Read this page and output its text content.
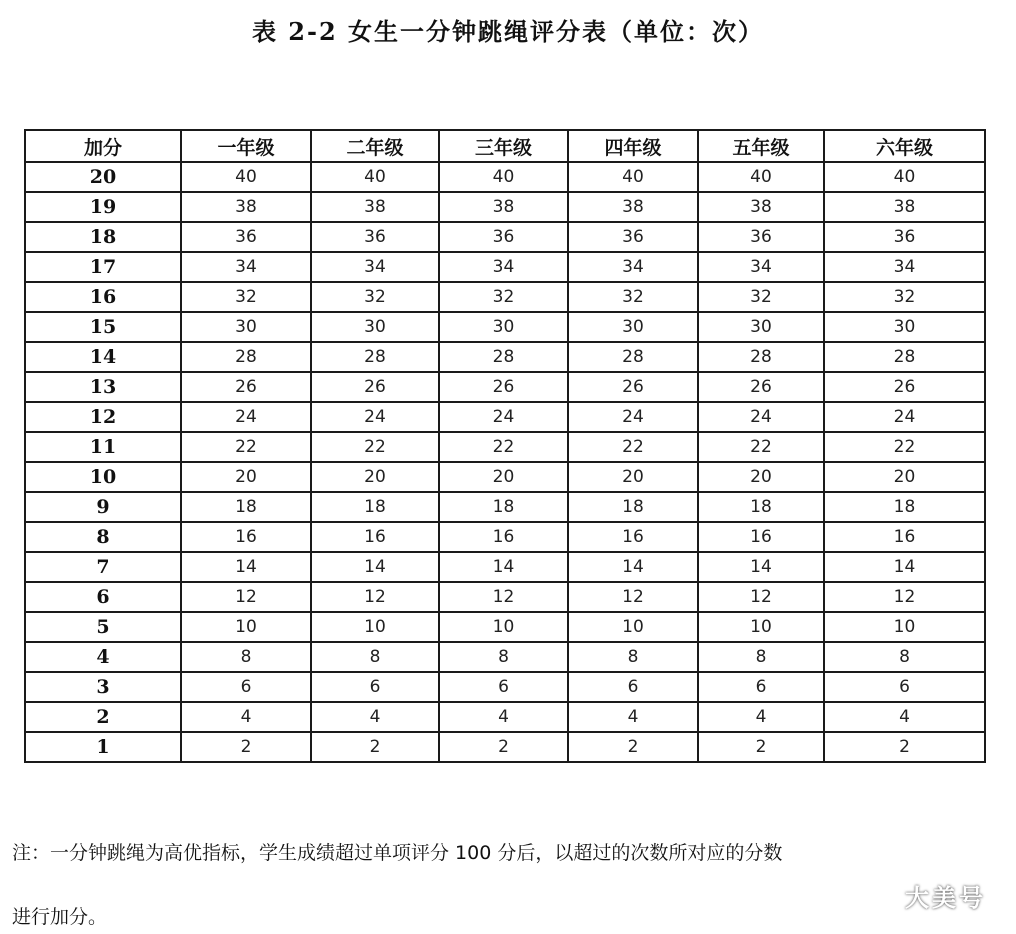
表 2-2 女生一分钟跳绳评分表（单位：次）
加分	一年级	二年级	三年级	四年级	五年级	六年级
20	40	40	40	40	40	40
19	38	38	38	38	38	38
18	36	36	36	36	36	36
17	34	34	34	34	34	34
16	32	32	32	32	32	32
15	30	30	30	30	30	30
14	28	28	28	28	28	28
13	26	26	26	26	26	26
12	24	24	24	24	24	24
11	22	22	22	22	22	22
10	20	20	20	20	20	20
9	18	18	18	18	18	18
8	16	16	16	16	16	16
7	14	14	14	14	14	14
6	12	12	12	12	12	12
5	10	10	10	10	10	10
4	8	8	8	8	8	8
3	6	6	6	6	6	6
2	4	4	4	4	4	4
1	2	2	2	2	2	2
注：一分钟跳绳为高优指标，学生成绩超过单项评分 100 分后，以超过的次数所对应的分数
进行加分。
大美号
